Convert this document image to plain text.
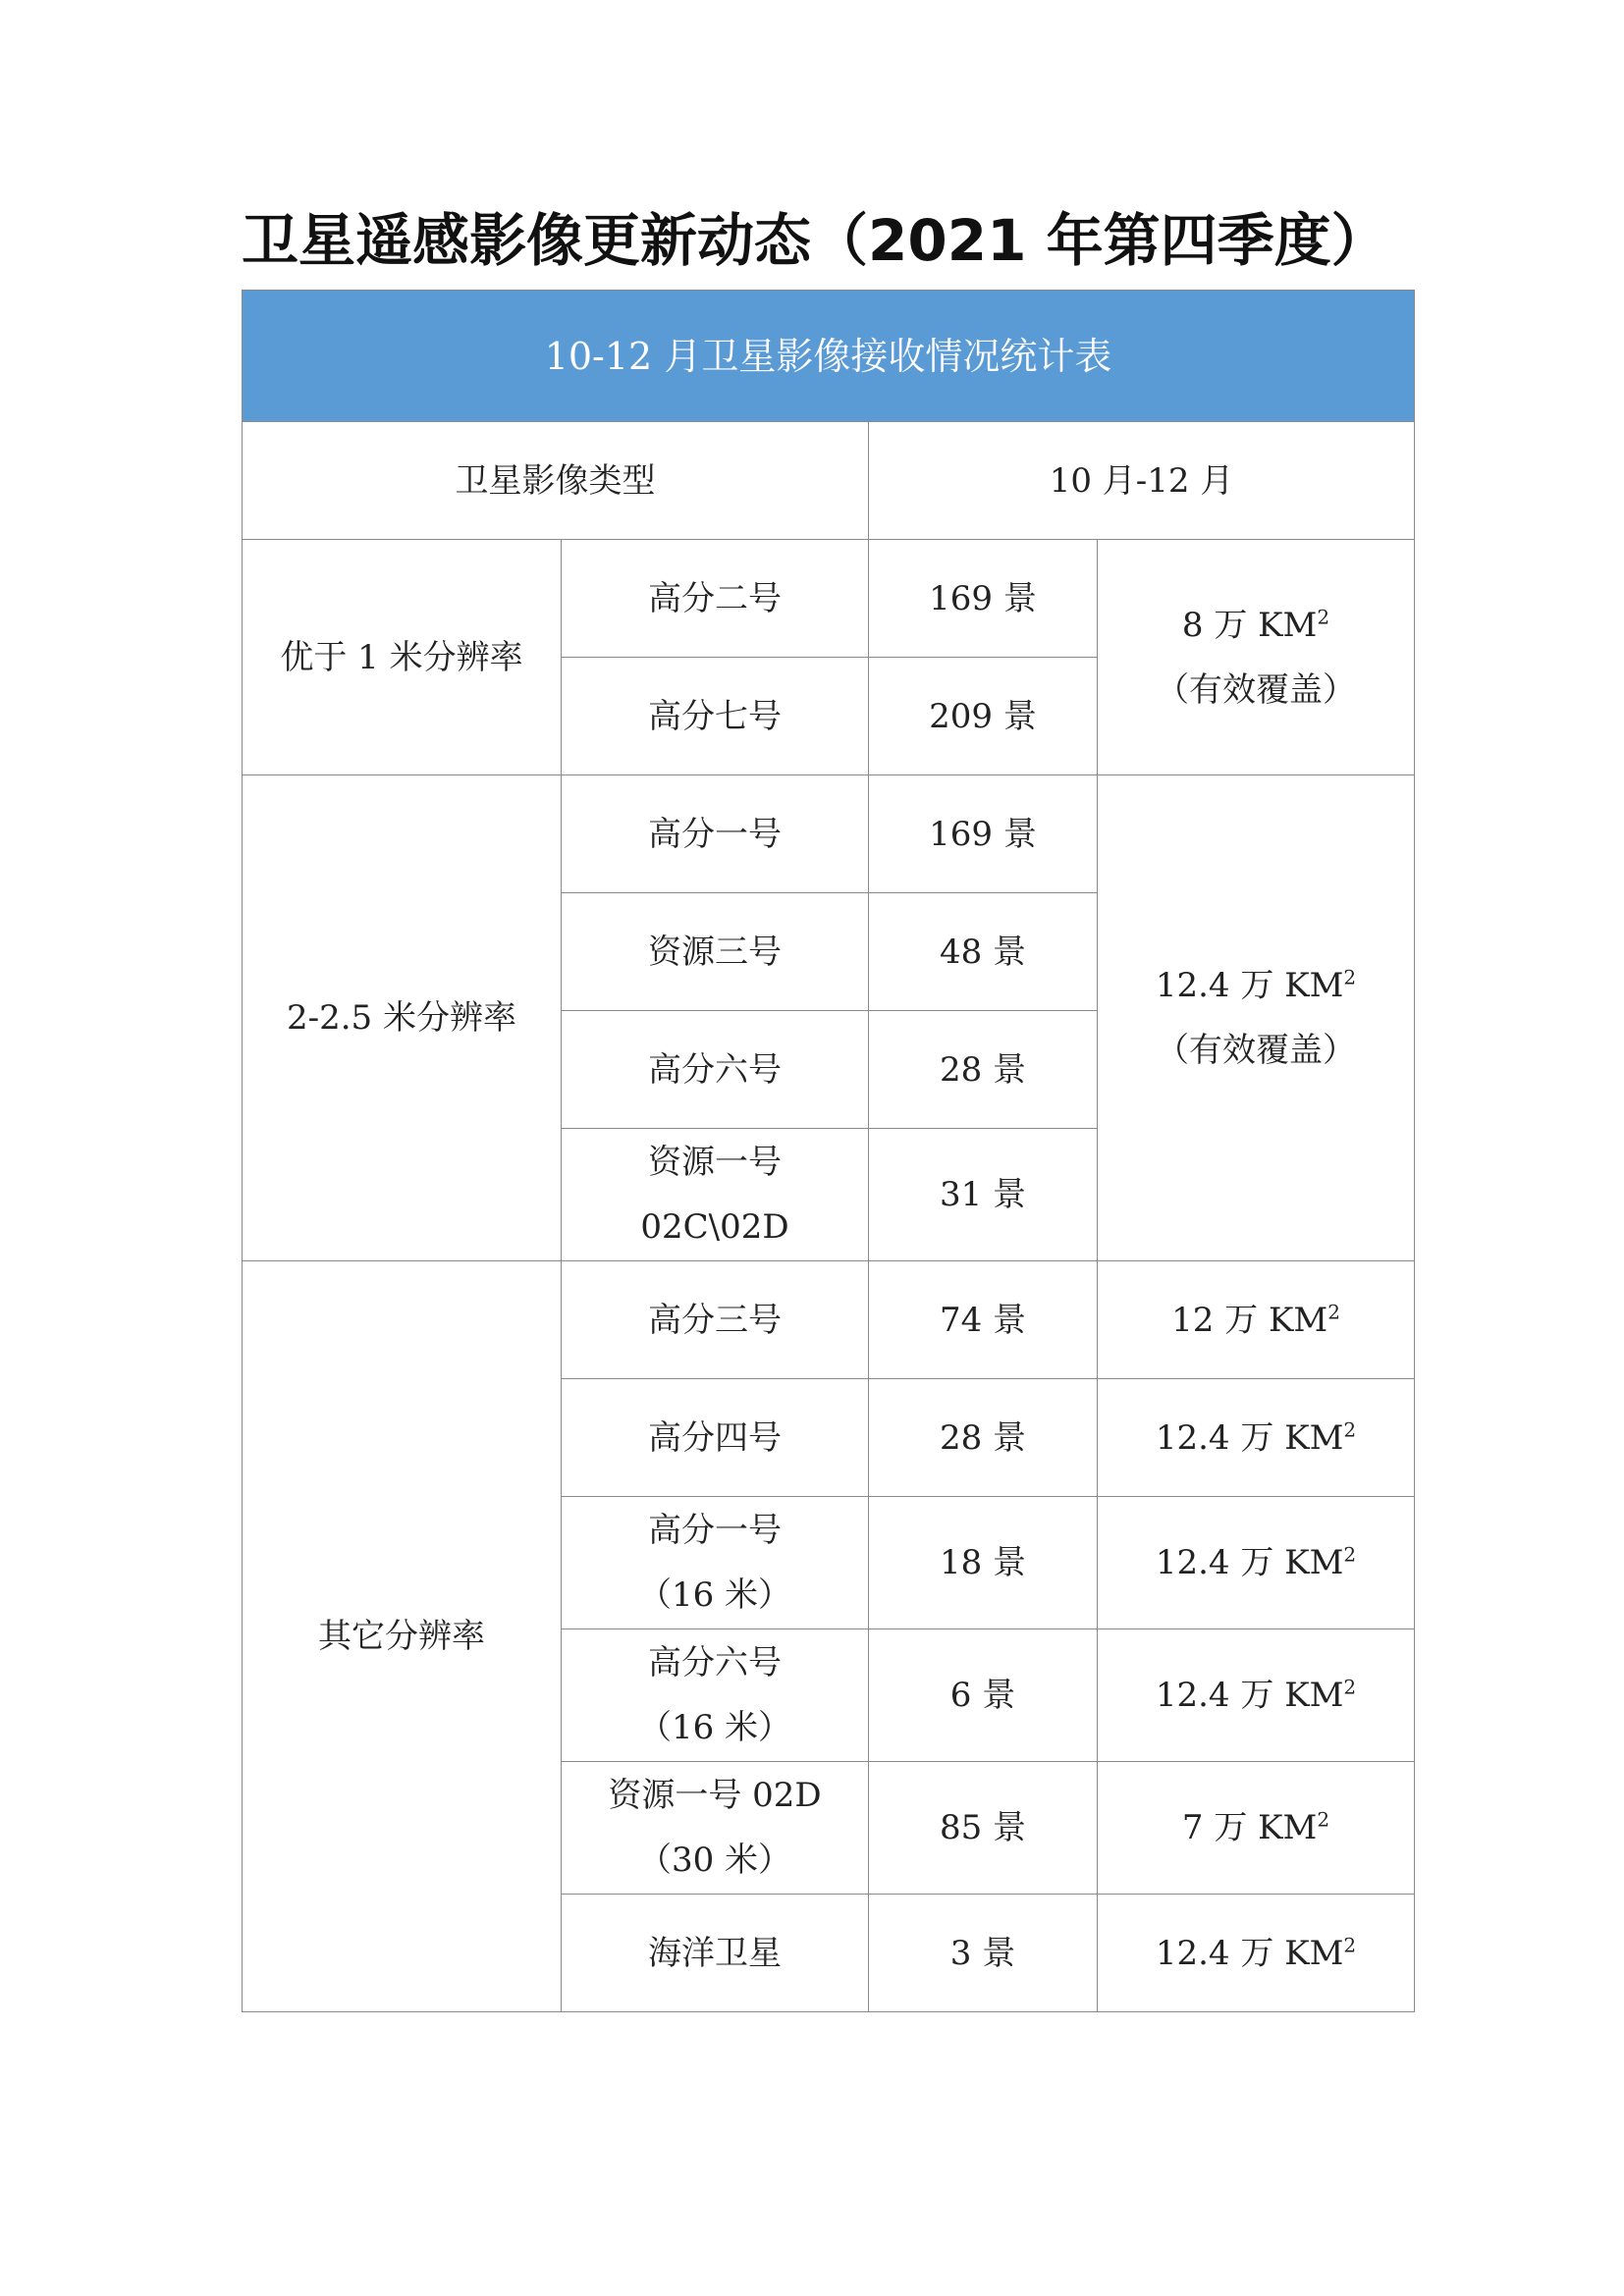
卫星遥感影像更新动态（2021 年第四季度）
10-12 月卫星影像接收情况统计表			
卫星影像类型		10 月-12 月	
优于 1 米分辨率	高分二号	169 景	8 万 $KM^2$
（有效覆盖）

	高分七号	209 景	
2-2.5 米分辨率	高分一号	169 景	12.4 万 $KM^2$
（有效覆盖）

	资源三号	48 景	
	高分六号	28 景	

	资源一号
02C\02D	31 景	
其它分辨率	高分三号	74 景	12 万 $KM^2$
	高分四号	28 景	12.4 万 $KM^2$

	高分一号
（16 米）	18 景	12.4 万 $KM^2$

	高分六号
（16 米）	6 景	12.4 万 $KM^2$

	资源一号 02D
（30 米）	85 景	7 万 $KM^2$
	海洋卫星	3 景	12.4 万 $KM^2$
